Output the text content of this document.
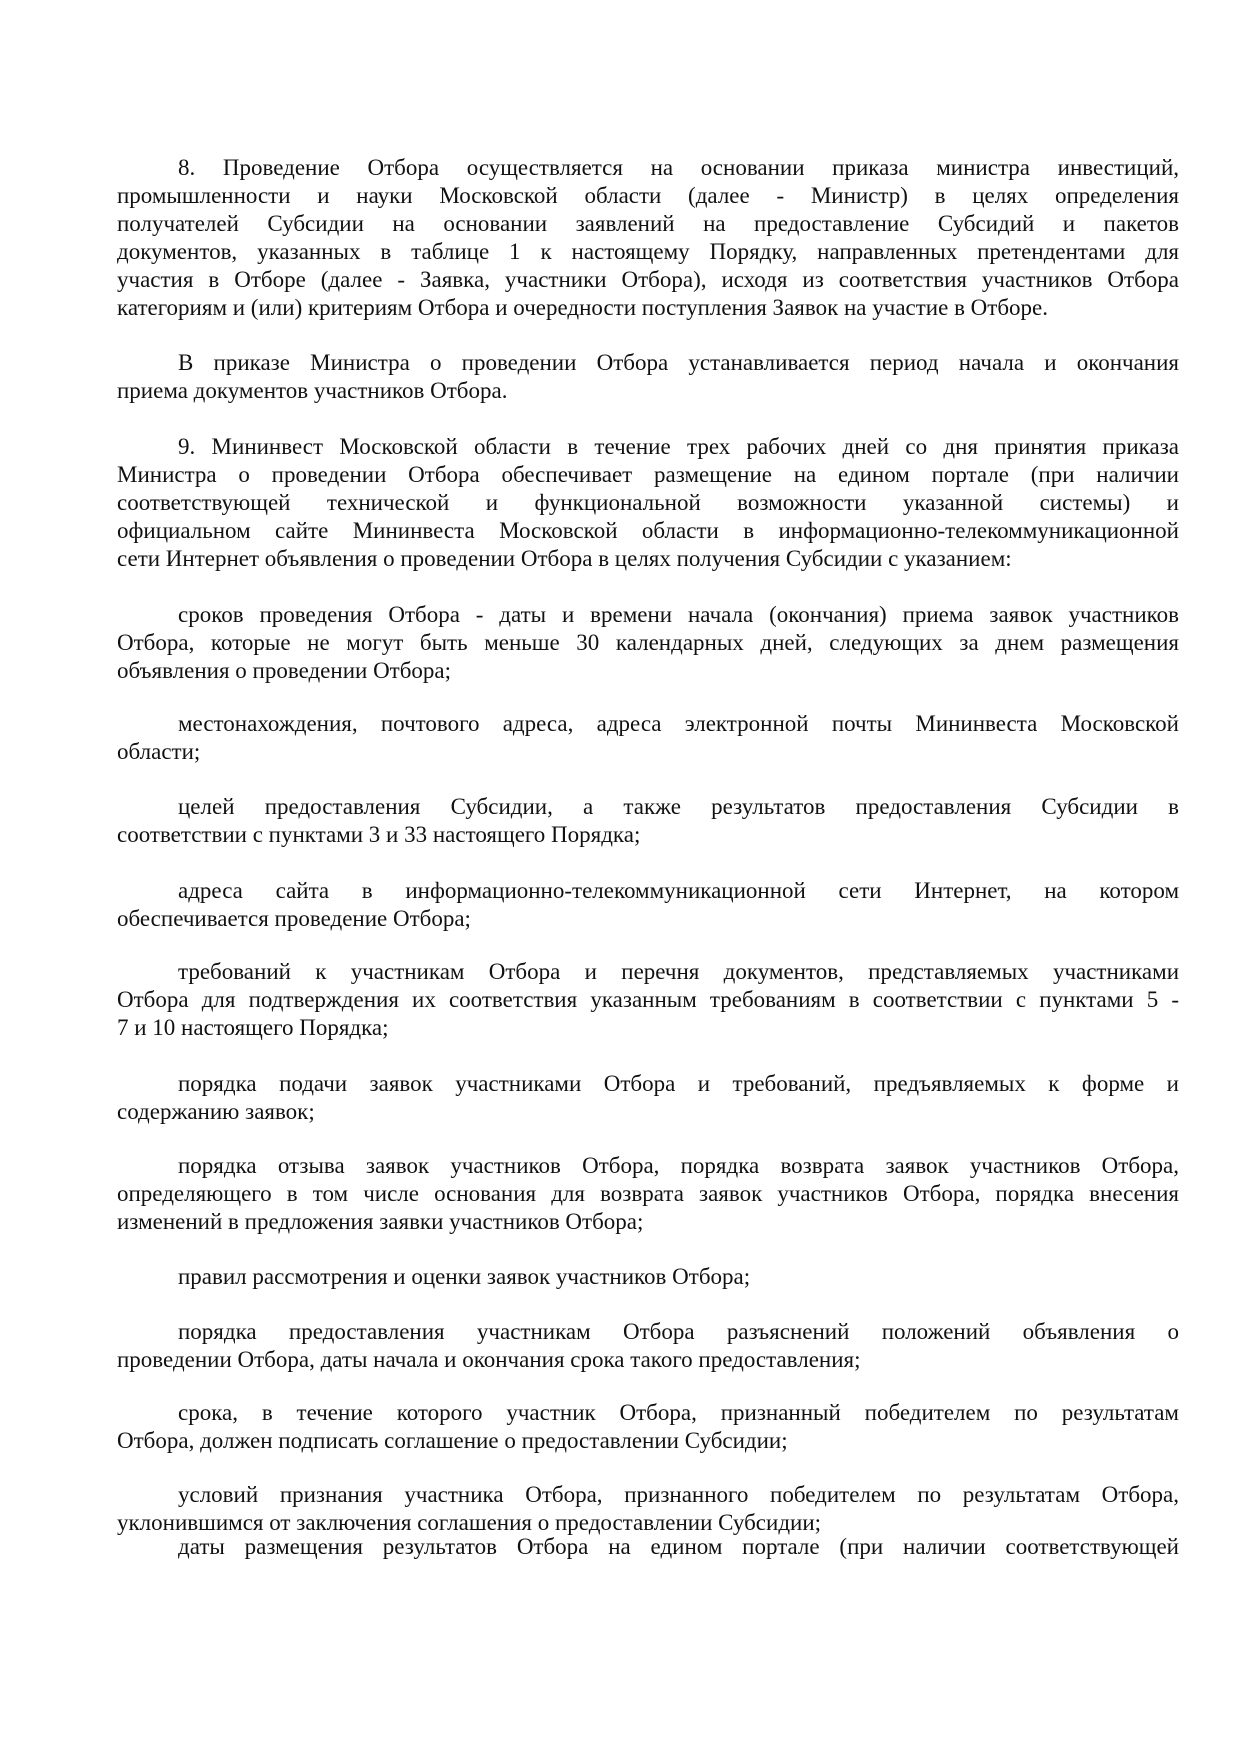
8. Проведение Отбора осуществляется на основании приказа министра инвестиций,
промышленности и науки Московской области (далее - Министр) в целях определения
получателей Субсидии на основании заявлений на предоставление Субсидий и пакетов
документов, указанных в таблице 1 к настоящему Порядку, направленных претендентами для
участия в Отборе (далее - Заявка, участники Отбора), исходя из соответствия участников Отбора
категориям и (или) критериям Отбора и очередности поступления Заявок на участие в Отборе.
В приказе Министра о проведении Отбора устанавливается период начала и окончания
приема документов участников Отбора.
9. Мининвест Московской области в течение трех рабочих дней со дня принятия приказа
Министра о проведении Отбора обеспечивает размещение на едином портале (при наличии
соответствующей технической и функциональной возможности указанной системы) и
официальном сайте Мининвеста Московской области в информационно-телекоммуникационной
сети Интернет объявления о проведении Отбора в целях получения Субсидии с указанием:
сроков проведения Отбора - даты и времени начала (окончания) приема заявок участников
Отбора, которые не могут быть меньше 30 календарных дней, следующих за днем размещения
объявления о проведении Отбора;
местонахождения, почтового адреса, адреса электронной почты Мининвеста Московской
области;
целей предоставления Субсидии, а также результатов предоставления Субсидии в
соответствии с пунктами 3 и 33 настоящего Порядка;
адреса сайта в информационно-телекоммуникационной сети Интернет, на котором
обеспечивается проведение Отбора;
требований к участникам Отбора и перечня документов, представляемых участниками
Отбора для подтверждения их соответствия указанным требованиям в соответствии с пунктами 5 -
7 и 10 настоящего Порядка;
порядка подачи заявок участниками Отбора и требований, предъявляемых к форме и
содержанию заявок;
порядка отзыва заявок участников Отбора, порядка возврата заявок участников Отбора,
определяющего в том числе основания для возврата заявок участников Отбора, порядка внесения
изменений в предложения заявки участников Отбора;
правил рассмотрения и оценки заявок участников Отбора;
порядка предоставления участникам Отбора разъяснений положений объявления о
проведении Отбора, даты начала и окончания срока такого предоставления;
срока, в течение которого участник Отбора, признанный победителем по результатам
Отбора, должен подписать соглашение о предоставлении Субсидии;
условий признания участника Отбора, признанного победителем по результатам Отбора,
уклонившимся от заключения соглашения о предоставлении Субсидии;
даты размещения результатов Отбора на едином портале (при наличии соответствующей
